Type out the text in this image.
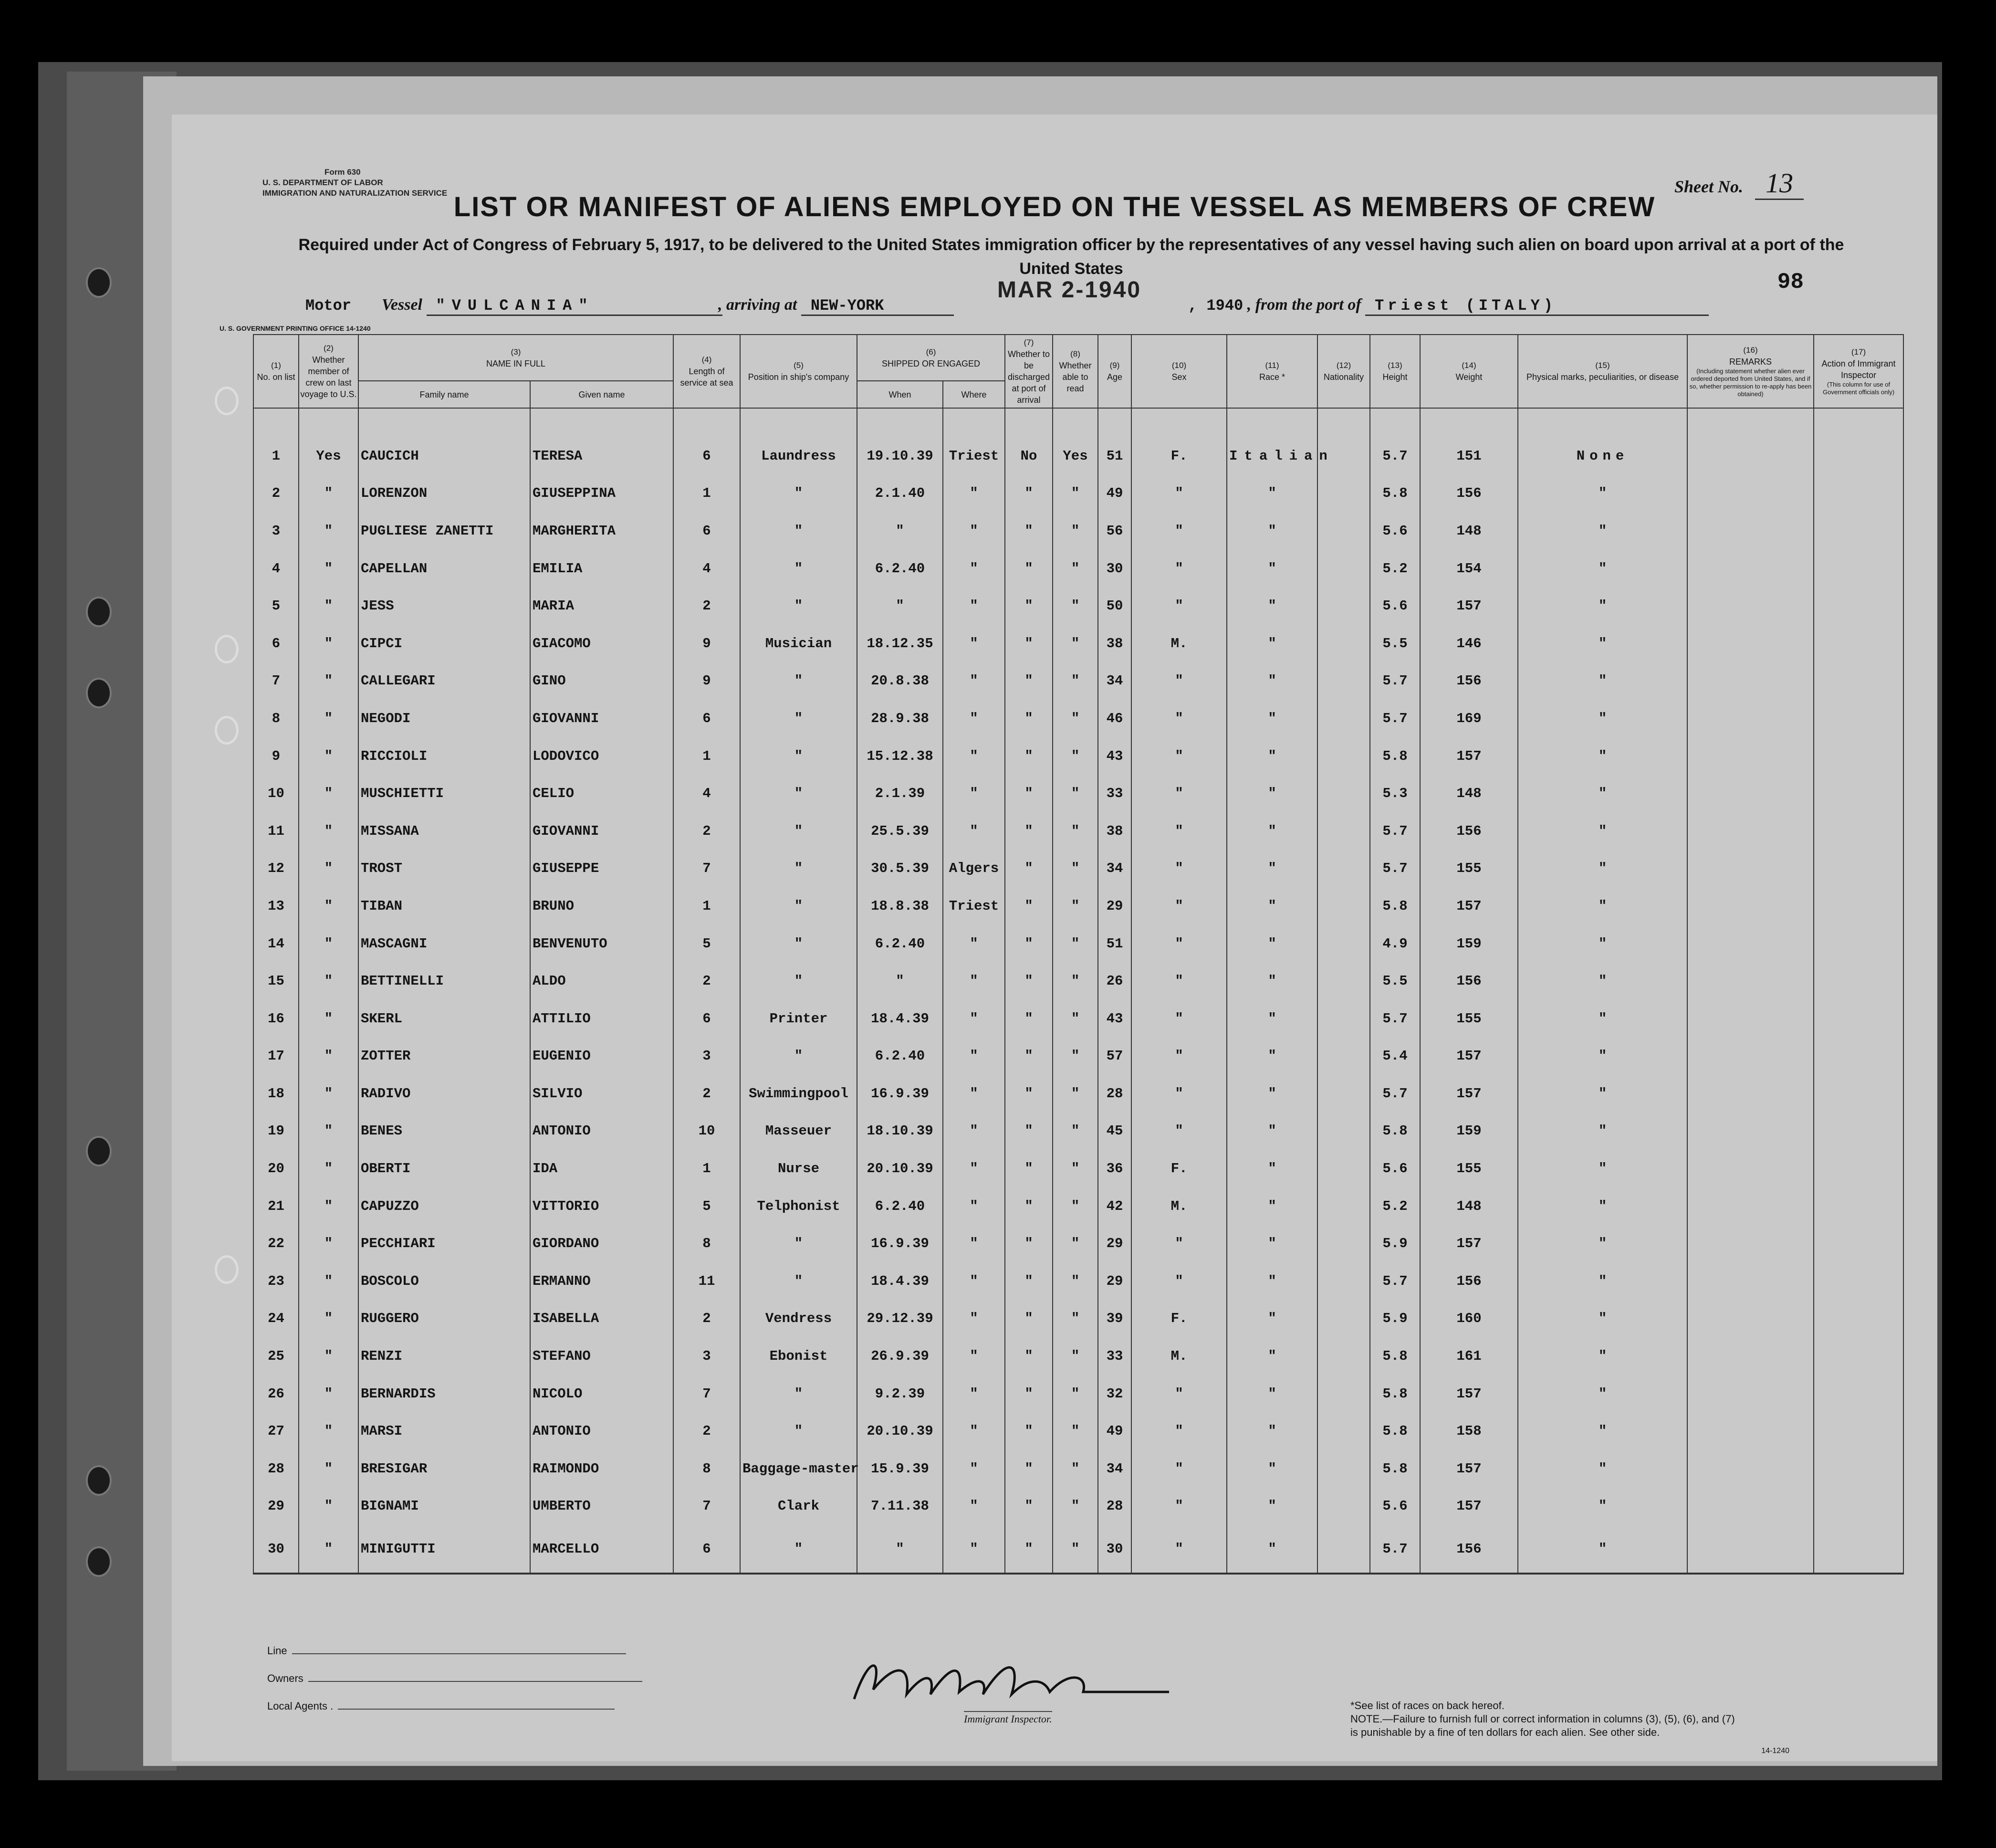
Form 630
U. S. DEPARTMENT OF LABOR
IMMIGRATION AND NATURALIZATION SERVICE	Sheet No. 13
LIST OR MANIFEST OF ALIENS EMPLOYED ON THE VESSEL AS MEMBERS OF CREW
Required under Act of Congress of February 5, 1917, to be delivered to the United States immigration officer by the representatives of any vessel having such alien on board upon arrival at a port of the United States
98
Motor Vessel "VULCANIA"	, arriving at NEW-YORK
MAR 2-1940
, 1940 , from the port of Triest (ITALY)
U. S. GOVERNMENT PRINTING OFFICE 14-1240
(1)
No. on list	(2)
Whether member of crew on last voyage to U.S.	(3)
NAME IN FULL		(4)
Length of service at sea	(5)
Position in ship's company	(6)
SHIPPED OR ENGAGED		(7)
Whether to be discharged at port of arrival	(8)
Whether able to read	(9)
Age	(10)
Sex	(11)
Race *	(12)
Nationality	(13)
Height	(14)
Weight	(15)
Physical marks, peculiarities, or disease	(16)
REMARKS

(Including statement whether alien ever ordered deported from United States, and if so, whether permission to re-apply has been obtained)	(17)
Action of Immigrant Inspector

(This column for use of Government officials only)

		Family name	Given name			When	Where											
1	Yes	CAUCICH	TERESA	6	Laundress	19.10.39	Triest	No	Yes	51	F.	Italian		5.7	151	None		
2	"	LORENZON	GIUSEPPINA	1	"	2.1.40	"	"	"	49	"	"		5.8	156	"		
3	"	PUGLIESE ZANETTI	MARGHERITA	6	"	"	"	"	"	56	"	"		5.6	148	"		
4	"	CAPELLAN	EMILIA	4	"	6.2.40	"	"	"	30	"	"		5.2	154	"		
5	"	JESS	MARIA	2	"	"	"	"	"	50	"	"		5.6	157	"		
6	"	CIPCI	GIACOMO	9	Musician	18.12.35	"	"	"	38	M.	"		5.5	146	"		
7	"	CALLEGARI	GINO	9	"	20.8.38	"	"	"	34	"	"		5.7	156	"		
8	"	NEGODI	GIOVANNI	6	"	28.9.38	"	"	"	46	"	"		5.7	169	"		
9	"	RICCIOLI	LODOVICO	1	"	15.12.38	"	"	"	43	"	"		5.8	157	"		
10	"	MUSCHIETTI	CELIO	4	"	2.1.39	"	"	"	33	"	"		5.3	148	"		
11	"	MISSANA	GIOVANNI	2	"	25.5.39	"	"	"	38	"	"		5.7	156	"		
12	"	TROST	GIUSEPPE	7	"	30.5.39	Algers	"	"	34	"	"		5.7	155	"		
13	"	TIBAN	BRUNO	1	"	18.8.38	Triest	"	"	29	"	"		5.8	157	"		
14	"	MASCAGNI	BENVENUTO	5	"	6.2.40	"	"	"	51	"	"		4.9	159	"		
15	"	BETTINELLI	ALDO	2	"	"	"	"	"	26	"	"		5.5	156	"		
16	"	SKERL	ATTILIO	6	Printer	18.4.39	"	"	"	43	"	"		5.7	155	"		
17	"	ZOTTER	EUGENIO	3	"	6.2.40	"	"	"	57	"	"		5.4	157	"		
18	"	RADIVO	SILVIO	2	Swimmingpool	16.9.39	"	"	"	28	"	"		5.7	157	"		
19	"	BENES	ANTONIO	10	Masseuer	18.10.39	"	"	"	45	"	"		5.8	159	"		
20	"	OBERTI	IDA	1	Nurse	20.10.39	"	"	"	36	F.	"		5.6	155	"		
21	"	CAPUZZO	VITTORIO	5	Telphonist	6.2.40	"	"	"	42	M.	"		5.2	148	"		
22	"	PECCHIARI	GIORDANO	8	"	16.9.39	"	"	"	29	"	"		5.9	157	"		
23	"	BOSCOLO	ERMANNO	11	"	18.4.39	"	"	"	29	"	"		5.7	156	"		
24	"	RUGGERO	ISABELLA	2	Vendress	29.12.39	"	"	"	39	F.	"		5.9	160	"		
25	"	RENZI	STEFANO	3	Ebonist	26.9.39	"	"	"	33	M.	"		5.8	161	"		
26	"	BERNARDIS	NICOLO	7	"	9.2.39	"	"	"	32	"	"		5.8	157	"		
27	"	MARSI	ANTONIO	2	"	20.10.39	"	"	"	49	"	"		5.8	158	"		
28	"	BRESIGAR	RAIMONDO	8	Baggage-master	15.9.39	"	"	"	34	"	"		5.8	157	"		
29	"	BIGNAMI	UMBERTO	7	Clark	7.11.38	"	"	"	28	"	"		5.6	157	"		
30	"	MINIGUTTI	MARCELLO	6	"	"	"	"	"	30	"	"		5.7	156	"		
Line
Owners
Local Agents .
Immigrant Inspector.
*See list of races on back hereof.
NOTE.—Failure to furnish full or correct information in columns (3), (5), (6), and (7) is punishable by a fine of ten dollars for each alien. See other side.
14-1240
